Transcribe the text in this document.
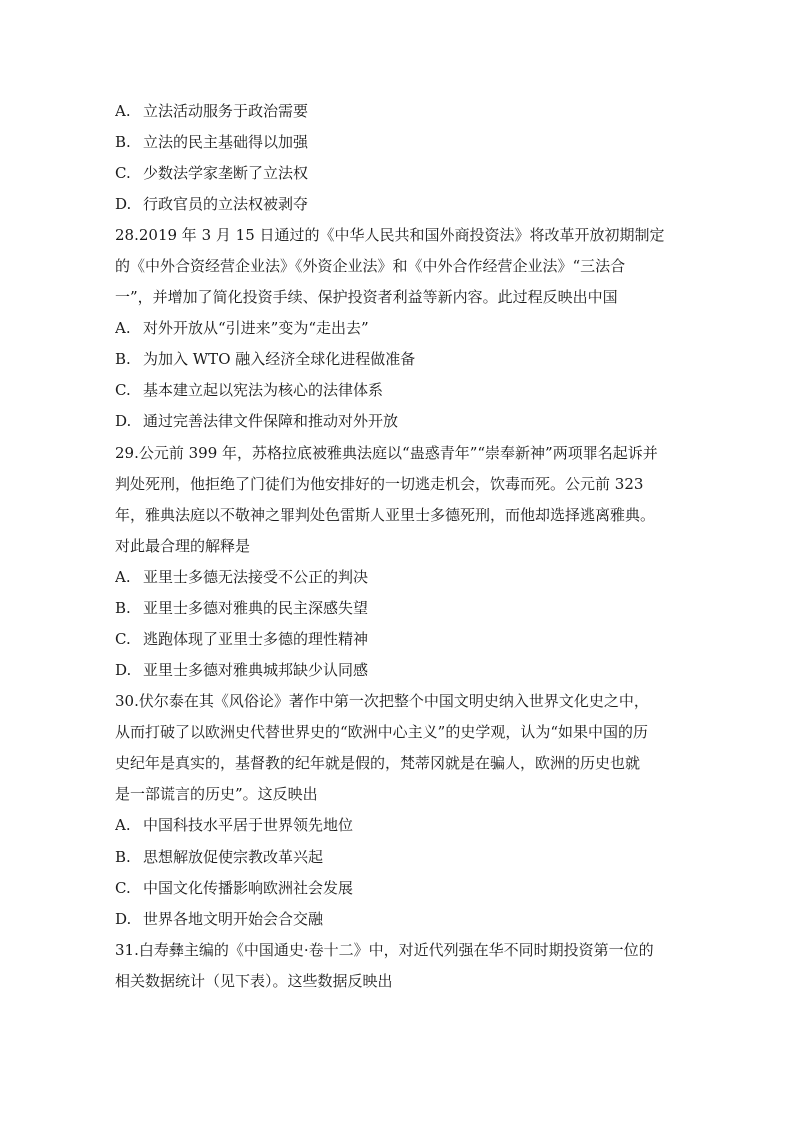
A. 立法活动服务于政治需要
B. 立法的民主基础得以加强
C. 少数法学家垄断了立法权
D. 行政官员的立法权被剥夺
28.2019 年 3 月 15 日通过的《中华人民共和国外商投资法》将改革开放初期制定
的《中外合资经营企业法》《外资企业法》和《中外合作经营企业法》“三法合
一”，并增加了简化投资手续、保护投资者利益等新内容。此过程反映出中国
A. 对外开放从“引进来”变为“走出去”
B. 为加入 WTO 融入经济全球化进程做准备
C. 基本建立起以宪法为核心的法律体系
D. 通过完善法律文件保障和推动对外开放
29.公元前 399 年，苏格拉底被雅典法庭以“蛊惑青年”“崇奉新神”两项罪名起诉并
判处死刑，他拒绝了门徒们为他安排好的一切逃走机会，饮毒而死。公元前 323
年，雅典法庭以不敬神之罪判处色雷斯人亚里士多德死刑，而他却选择逃离雅典。
对此最合理的解释是
A. 亚里士多德无法接受不公正的判决
B. 亚里士多德对雅典的民主深感失望
C. 逃跑体现了亚里士多德的理性精神
D. 亚里士多德对雅典城邦缺少认同感
30.伏尔泰在其《风俗论》著作中第一次把整个中国文明史纳入世界文化史之中，
从而打破了以欧洲史代替世界史的“欧洲中心主义”的史学观，认为“如果中国的历
史纪年是真实的，基督教的纪年就是假的，梵蒂冈就是在骗人，欧洲的历史也就
是一部谎言的历史”。这反映出
A. 中国科技水平居于世界领先地位
B. 思想解放促使宗教改革兴起
C. 中国文化传播影响欧洲社会发展
D. 世界各地文明开始会合交融
31.白寿彝主编的《中国通史·卷十二》中，对近代列强在华不同时期投资第一位的
相关数据统计（见下表）。这些数据反映出
